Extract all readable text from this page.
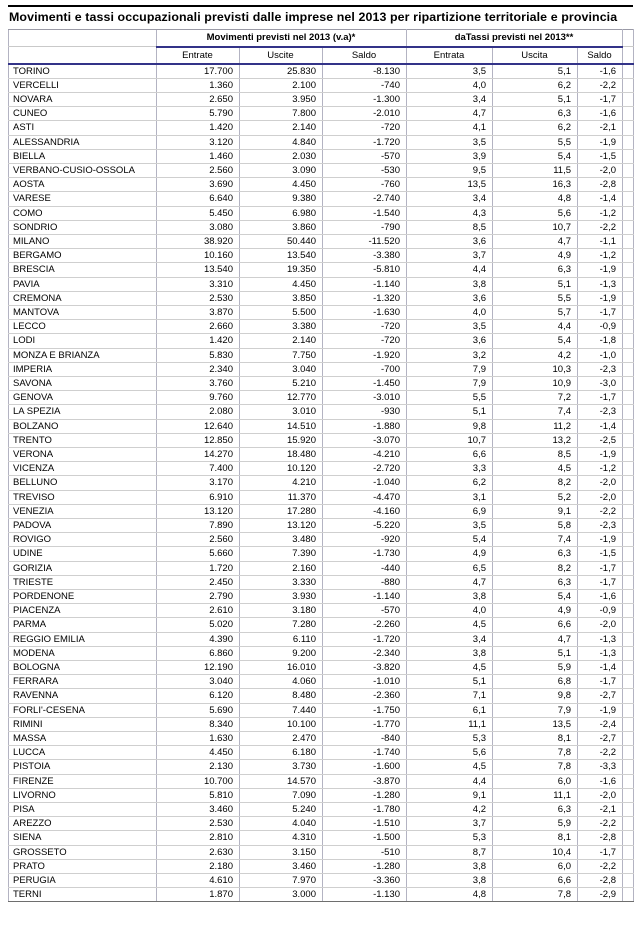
Movimenti e tassi occupazionali previsti dalle imprese nel 2013 per ripartizione territoriale e provincia
	Movimenti previsti nel 2013 (v.a)*			daTassi previsti nel 2013**			
	Entrate	Uscite	Saldo	Entrata	Uscita	Saldo	
TORINO	17.700	25.830	-8.130	3,5	5,1	-1,6	
VERCELLI	1.360	2.100	-740	4,0	6,2	-2,2	
NOVARA	2.650	3.950	-1.300	3,4	5,1	-1,7	
CUNEO	5.790	7.800	-2.010	4,7	6,3	-1,6	
ASTI	1.420	2.140	-720	4,1	6,2	-2,1	
ALESSANDRIA	3.120	4.840	-1.720	3,5	5,5	-1,9	
BIELLA	1.460	2.030	-570	3,9	5,4	-1,5	
VERBANO-CUSIO-OSSOLA	2.560	3.090	-530	9,5	11,5	-2,0	
AOSTA	3.690	4.450	-760	13,5	16,3	-2,8	
VARESE	6.640	9.380	-2.740	3,4	4,8	-1,4	
COMO	5.450	6.980	-1.540	4,3	5,6	-1,2	
SONDRIO	3.080	3.860	-790	8,5	10,7	-2,2	
MILANO	38.920	50.440	-11.520	3,6	4,7	-1,1	
BERGAMO	10.160	13.540	-3.380	3,7	4,9	-1,2	
BRESCIA	13.540	19.350	-5.810	4,4	6,3	-1,9	
PAVIA	3.310	4.450	-1.140	3,8	5,1	-1,3	
CREMONA	2.530	3.850	-1.320	3,6	5,5	-1,9	
MANTOVA	3.870	5.500	-1.630	4,0	5,7	-1,7	
LECCO	2.660	3.380	-720	3,5	4,4	-0,9	
LODI	1.420	2.140	-720	3,6	5,4	-1,8	
MONZA E BRIANZA	5.830	7.750	-1.920	3,2	4,2	-1,0	
IMPERIA	2.340	3.040	-700	7,9	10,3	-2,3	
SAVONA	3.760	5.210	-1.450	7,9	10,9	-3,0	
GENOVA	9.760	12.770	-3.010	5,5	7,2	-1,7	
LA SPEZIA	2.080	3.010	-930	5,1	7,4	-2,3	
BOLZANO	12.640	14.510	-1.880	9,8	11,2	-1,4	
TRENTO	12.850	15.920	-3.070	10,7	13,2	-2,5	
VERONA	14.270	18.480	-4.210	6,6	8,5	-1,9	
VICENZA	7.400	10.120	-2.720	3,3	4,5	-1,2	
BELLUNO	3.170	4.210	-1.040	6,2	8,2	-2,0	
TREVISO	6.910	11.370	-4.470	3,1	5,2	-2,0	
VENEZIA	13.120	17.280	-4.160	6,9	9,1	-2,2	
PADOVA	7.890	13.120	-5.220	3,5	5,8	-2,3	
ROVIGO	2.560	3.480	-920	5,4	7,4	-1,9	
UDINE	5.660	7.390	-1.730	4,9	6,3	-1,5	
GORIZIA	1.720	2.160	-440	6,5	8,2	-1,7	
TRIESTE	2.450	3.330	-880	4,7	6,3	-1,7	
PORDENONE	2.790	3.930	-1.140	3,8	5,4	-1,6	
PIACENZA	2.610	3.180	-570	4,0	4,9	-0,9	
PARMA	5.020	7.280	-2.260	4,5	6,6	-2,0	
REGGIO EMILIA	4.390	6.110	-1.720	3,4	4,7	-1,3	
MODENA	6.860	9.200	-2.340	3,8	5,1	-1,3	
BOLOGNA	12.190	16.010	-3.820	4,5	5,9	-1,4	
FERRARA	3.040	4.060	-1.010	5,1	6,8	-1,7	
RAVENNA	6.120	8.480	-2.360	7,1	9,8	-2,7	
FORLI'-CESENA	5.690	7.440	-1.750	6,1	7,9	-1,9	
RIMINI	8.340	10.100	-1.770	11,1	13,5	-2,4	
MASSA	1.630	2.470	-840	5,3	8,1	-2,7	
LUCCA	4.450	6.180	-1.740	5,6	7,8	-2,2	
PISTOIA	2.130	3.730	-1.600	4,5	7,8	-3,3	
FIRENZE	10.700	14.570	-3.870	4,4	6,0	-1,6	
LIVORNO	5.810	7.090	-1.280	9,1	11,1	-2,0	
PISA	3.460	5.240	-1.780	4,2	6,3	-2,1	
AREZZO	2.530	4.040	-1.510	3,7	5,9	-2,2	
SIENA	2.810	4.310	-1.500	5,3	8,1	-2,8	
GROSSETO	2.630	3.150	-510	8,7	10,4	-1,7	
PRATO	2.180	3.460	-1.280	3,8	6,0	-2,2	
PERUGIA	4.610	7.970	-3.360	3,8	6,6	-2,8	
TERNI	1.870	3.000	-1.130	4,8	7,8	-2,9	
